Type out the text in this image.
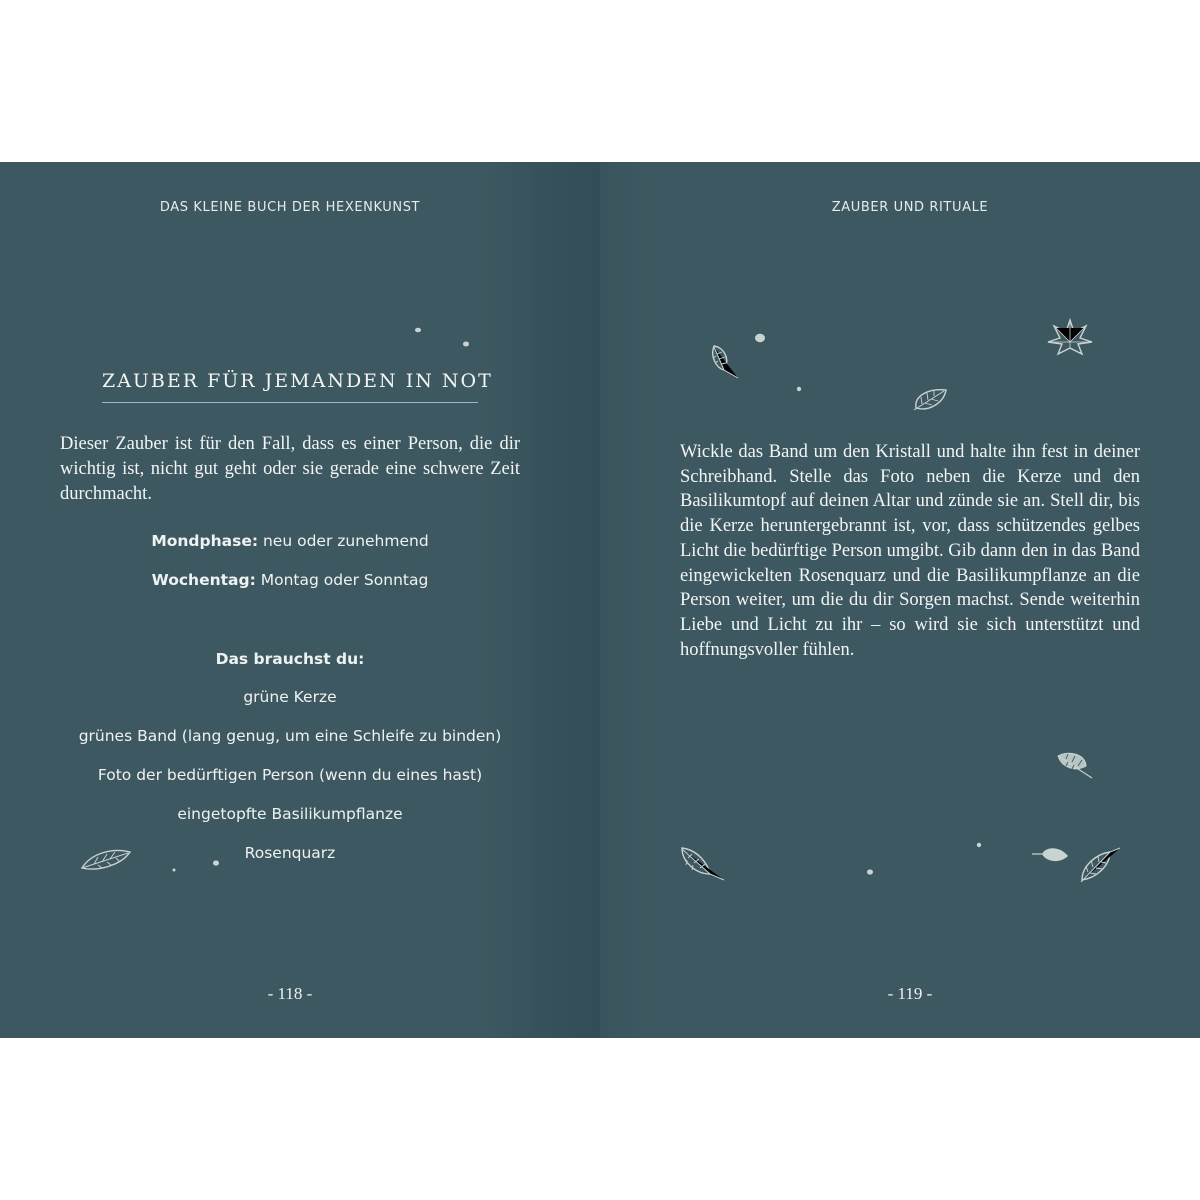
DAS KLEINE BUCH DER HEXENKUNST
ZAUBER FÜR JEMANDEN IN NOT
Dieser Zauber ist für den Fall, dass es einer Person, die dir wichtig ist, nicht gut geht oder sie gerade eine schwere Zeit durchmacht.
Mondphase: neu oder zunehmend
Wochentag: Montag oder Sonntag
Das brauchst du:
grüne Kerze
grünes Band (lang genug, um eine Schleife zu binden)
Foto der bedürftigen Person (wenn du eines hast)
eingetopfte Basilikumpflanze
Rosenquarz
- 118 -
ZAUBER UND RITUALE
Wickle das Band um den Kristall und halte ihn fest in deiner Schreibhand. Stelle das Foto neben die Kerze und den Basilikumtopf auf deinen Altar und zünde sie an. Stell dir, bis die Kerze heruntergebrannt ist, vor, dass schützendes gelbes Licht die bedürftige Person umgibt. Gib dann den in das Band eingewickelten Rosenquarz und die Basilikumpflanze an die Person weiter, um die du dir Sorgen machst. Sende weiterhin Liebe und Licht zu ihr – so wird sie sich unterstützt und hoffnungsvoller fühlen.
- 119 -
